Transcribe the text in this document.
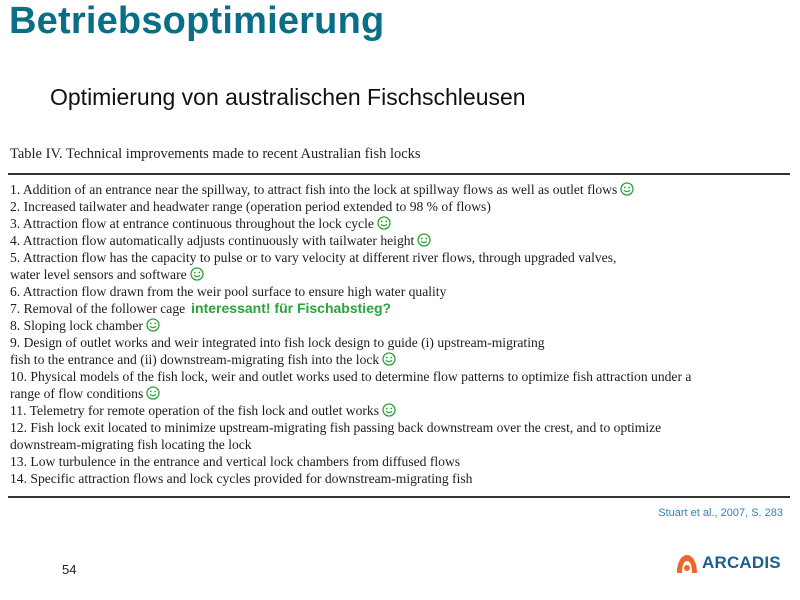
Betriebsoptimierung
Optimierung von australischen Fischschleusen
Table IV. Technical improvements made to recent Australian fish locks
1. Addition of an entrance near the spillway, to attract fish into the lock at spillway flows as well as outlet flows
2. Increased tailwater and headwater range (operation period extended to 98 % of flows)
3. Attraction flow at entrance continuous throughout the lock cycle
4. Attraction flow automatically adjusts continuously with tailwater height
5. Attraction flow has the capacity to pulse or to vary velocity at different river flows, through upgraded valves,
water level sensors and software
6. Attraction flow drawn from the weir pool surface to ensure high water quality
7. Removal of the follower cage interessant! für Fischabstieg?
8. Sloping lock chamber
9. Design of outlet works and weir integrated into fish lock design to guide (i) upstream-migrating
fish to the entrance and (ii) downstream-migrating fish into the lock
10. Physical models of the fish lock, weir and outlet works used to determine flow patterns to optimize fish attraction under a
range of flow conditions
11. Telemetry for remote operation of the fish lock and outlet works
12. Fish lock exit located to minimize upstream-migrating fish passing back downstream over the crest, and to optimize
downstream-migrating fish locating the lock
13. Low turbulence in the entrance and vertical lock chambers from diffused flows
14. Specific attraction flows and lock cycles provided for downstream-migrating fish
Stuart et al., 2007, S. 283
54	ARCADIS
